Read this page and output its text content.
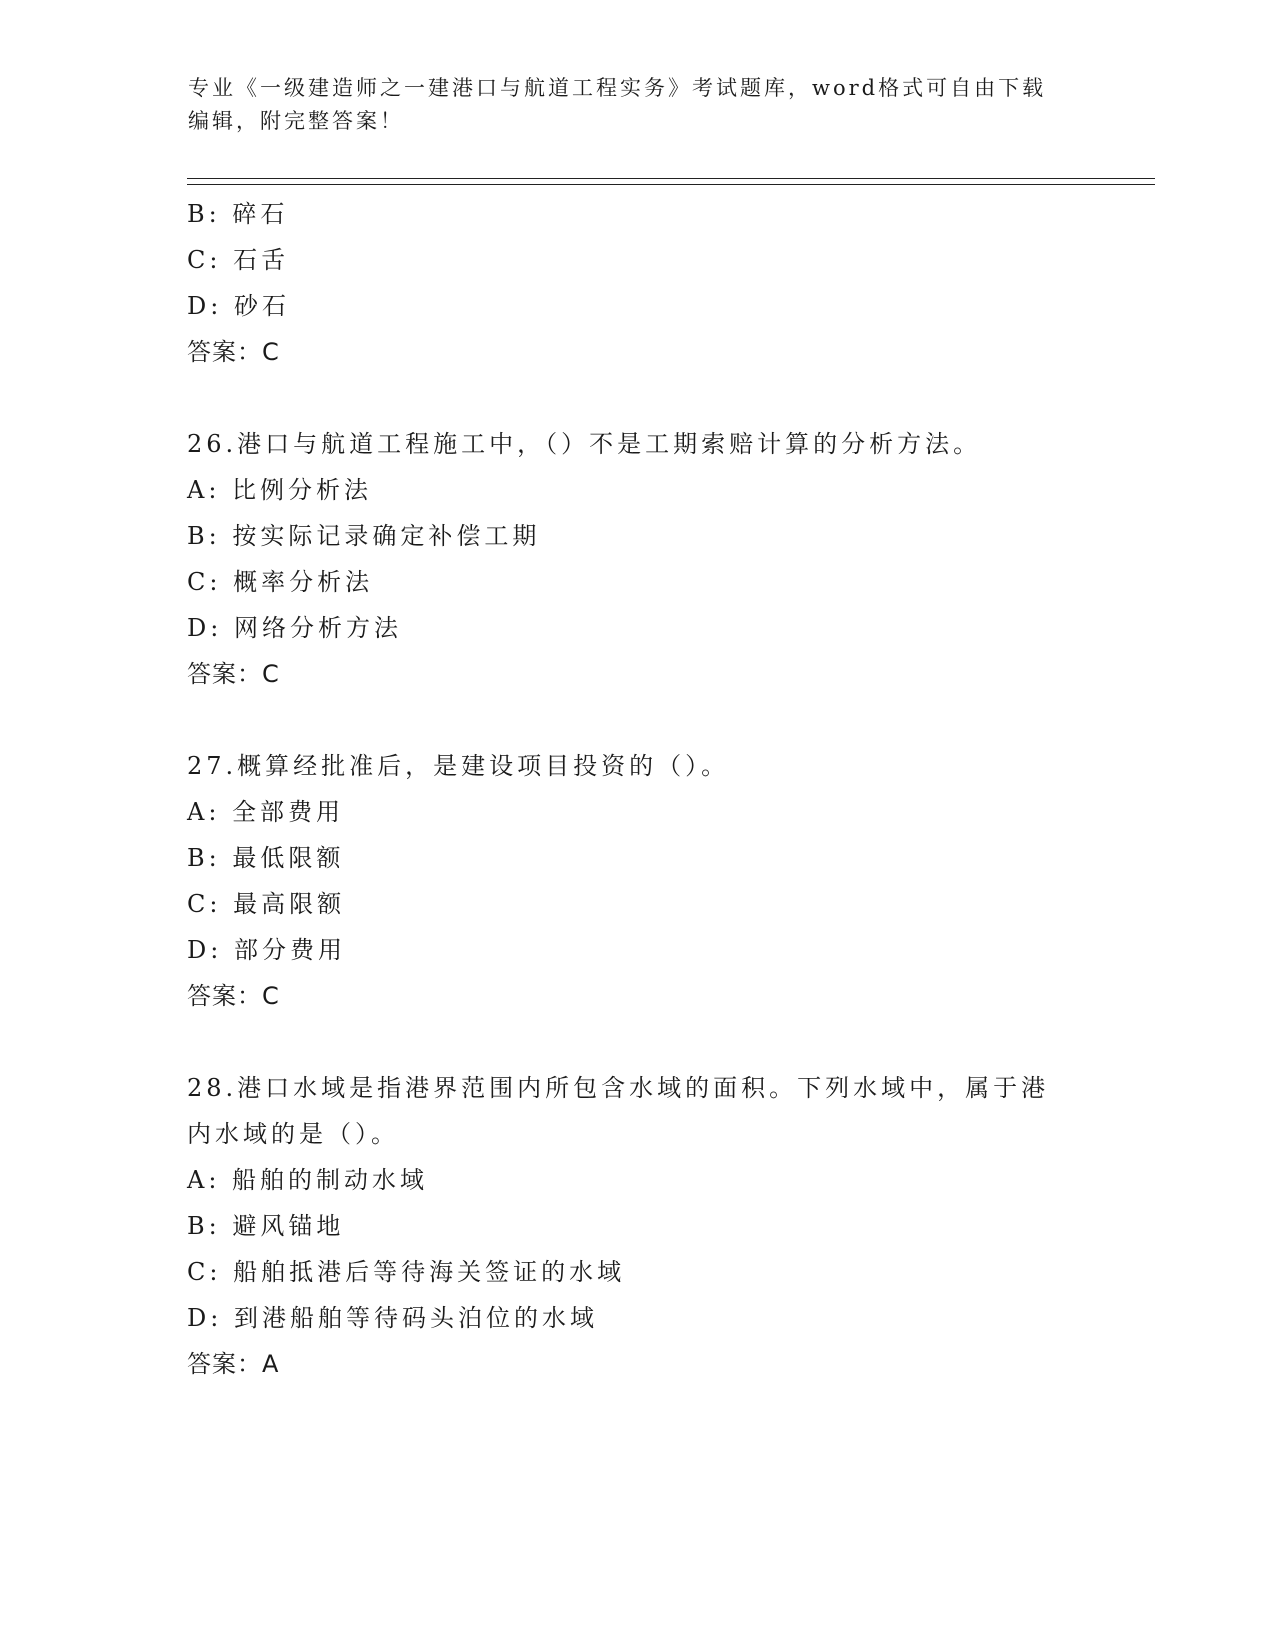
专业《一级建造师之一建港口与航道工程实务》考试题库，word格式可自由下载
编辑，附完整答案！
B: 碎石
C: 石舌
D: 砂石
答案：C
26.港口与航道工程施工中，（）不是工期索赔计算的分析方法。
A: 比例分析法
B: 按实际记录确定补偿工期
C: 概率分析法
D: 网络分析方法
答案：C
27.概算经批准后，是建设项目投资的（）。
A: 全部费用
B: 最低限额
C: 最高限额
D: 部分费用
答案：C
28.港口水域是指港界范围内所包含水域的面积。下列水域中，属于港
内水域的是（）。
A: 船舶的制动水域
B: 避风锚地
C: 船舶抵港后等待海关签证的水域
D: 到港船舶等待码头泊位的水域
答案：A
